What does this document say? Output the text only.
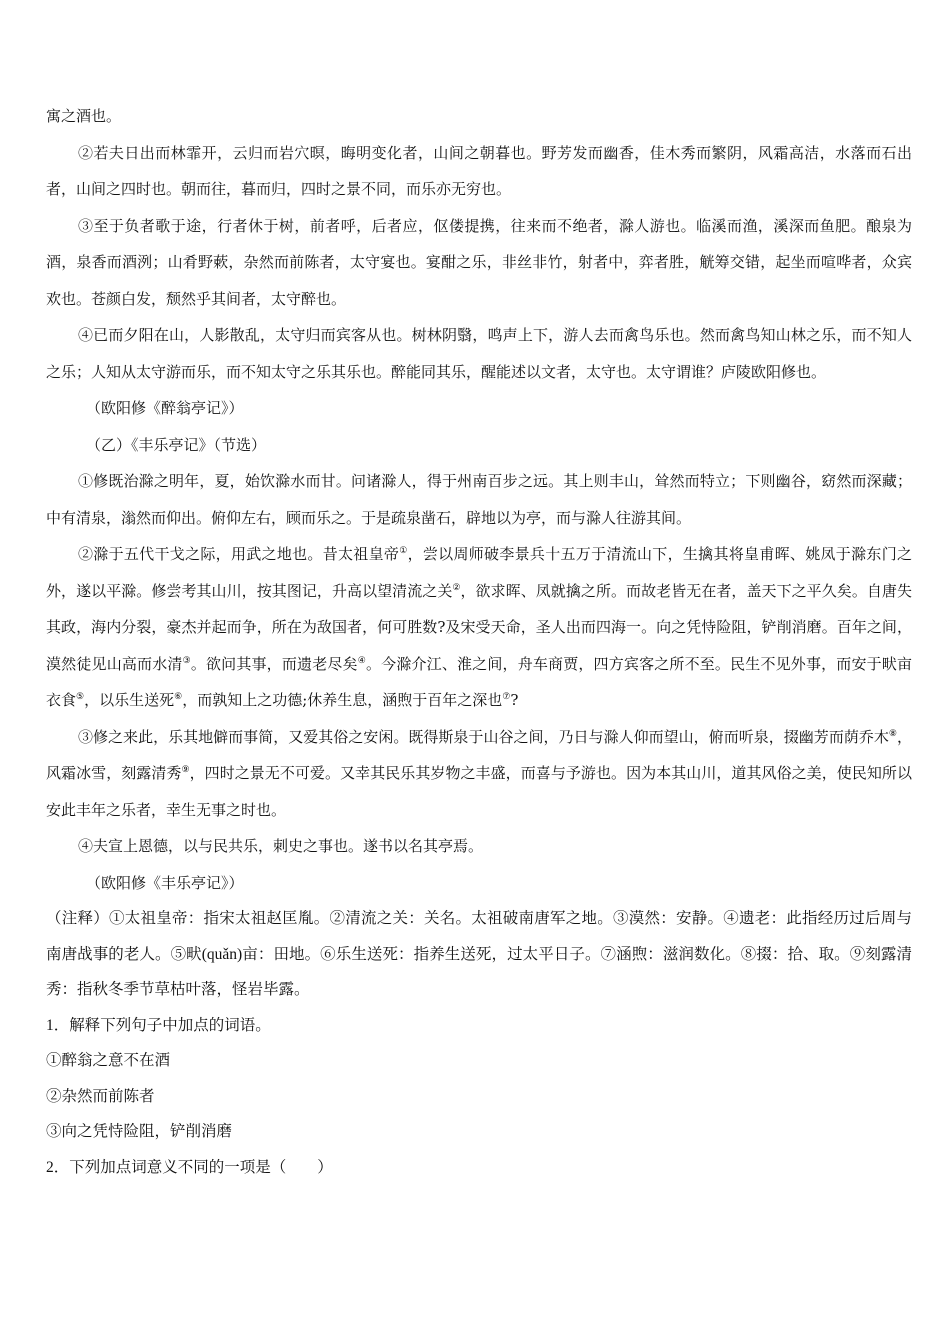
寓之酒也。

②若夫日出而林霏开，云归而岩穴暝，晦明变化者，山间之朝暮也。野芳发而幽香，佳木秀而繁阴，风霜高洁，水落而石出者，山间之四时也。朝而往，暮而归，四时之景不同，而乐亦无穷也。

③至于负者歌于途，行者休于树，前者呼，后者应，伛偻提携，往来而不绝者，滁人游也。临溪而渔，溪深而鱼肥。酿泉为酒，泉香而酒洌；山肴野蔌，杂然而前陈者，太守宴也。宴酣之乐，非丝非竹，射者中，弈者胜，觥筹交错，起坐而喧哗者，众宾欢也。苍颜白发，颓然乎其间者，太守醉也。

④已而夕阳在山，人影散乱，太守归而宾客从也。树林阴翳，鸣声上下，游人去而禽鸟乐也。然而禽鸟知山林之乐，而不知人之乐；人知从太守游而乐，而不知太守之乐其乐也。醉能同其乐，醒能述以文者，太守也。太守谓谁？庐陵欧阳修也。

（欧阳修《醉翁亭记》）

（乙）《丰乐亭记》（节选）

①修既治滁之明年，夏，始饮滁水而甘。问诸滁人，得于州南百步之远。其上则丰山，耸然而特立；下则幽谷，窈然而深藏；中有清泉，滃然而仰出。俯仰左右，顾而乐之。于是疏泉凿石，辟地以为亭，而与滁人往游其间。

②滁于五代干戈之际，用武之地也。昔太祖皇帝①，尝以周师破李景兵十五万于清流山下，生擒其将皇甫晖、姚凤于滁东门之外，遂以平滁。修尝考其山川，按其图记，升高以望清流之关②，欲求晖、凤就擒之所。而故老皆无在者，盖天下之平久矣。自唐失其政，海内分裂，豪杰并起而争，所在为敌国者，何可胜数?及宋受天命，圣人出而四海一。向之凭恃险阻，铲削消磨。百年之间，漠然徒见山高而水清③。欲问其事，而遗老尽矣④。今滁介江、淮之间，舟车商贾，四方宾客之所不至。民生不见外事，而安于畎亩衣食⑤，以乐生送死⑥，而孰知上之功德;休养生息，涵煦于百年之深也⑦?

③修之来此，乐其地僻而事简，又爱其俗之安闲。既得斯泉于山谷之间，乃日与滁人仰而望山，俯而听泉，掇幽芳而荫乔木⑧，风霜冰雪，刻露清秀⑨，四时之景无不可爱。又幸其民乐其岁物之丰盛，而喜与予游也。因为本其山川，道其风俗之美，使民知所以安此丰年之乐者，幸生无事之时也。

④夫宣上恩德，以与民共乐，刺史之事也。遂书以名其亭焉。

（欧阳修《丰乐亭记》）

（注释）①太祖皇帝：指宋太祖赵匡胤。②清流之关：关名。太祖破南唐军之地。③漠然：安静。④遗老：此指经历过后周与南唐战事的老人。⑤畎(quǎn)亩：田地。⑥乐生送死：指养生送死，过太平日子。⑦涵煦：滋润数化。⑧掇：拾、取。⑨刻露清秀：指秋冬季节草枯叶落，怪岩毕露。

1．解释下列句子中加点的词语。

①醉翁之意不在酒

②杂然而前陈者

③向之凭恃险阻，铲削消磨

2．下列加点词意义不同的一项是（　　）
